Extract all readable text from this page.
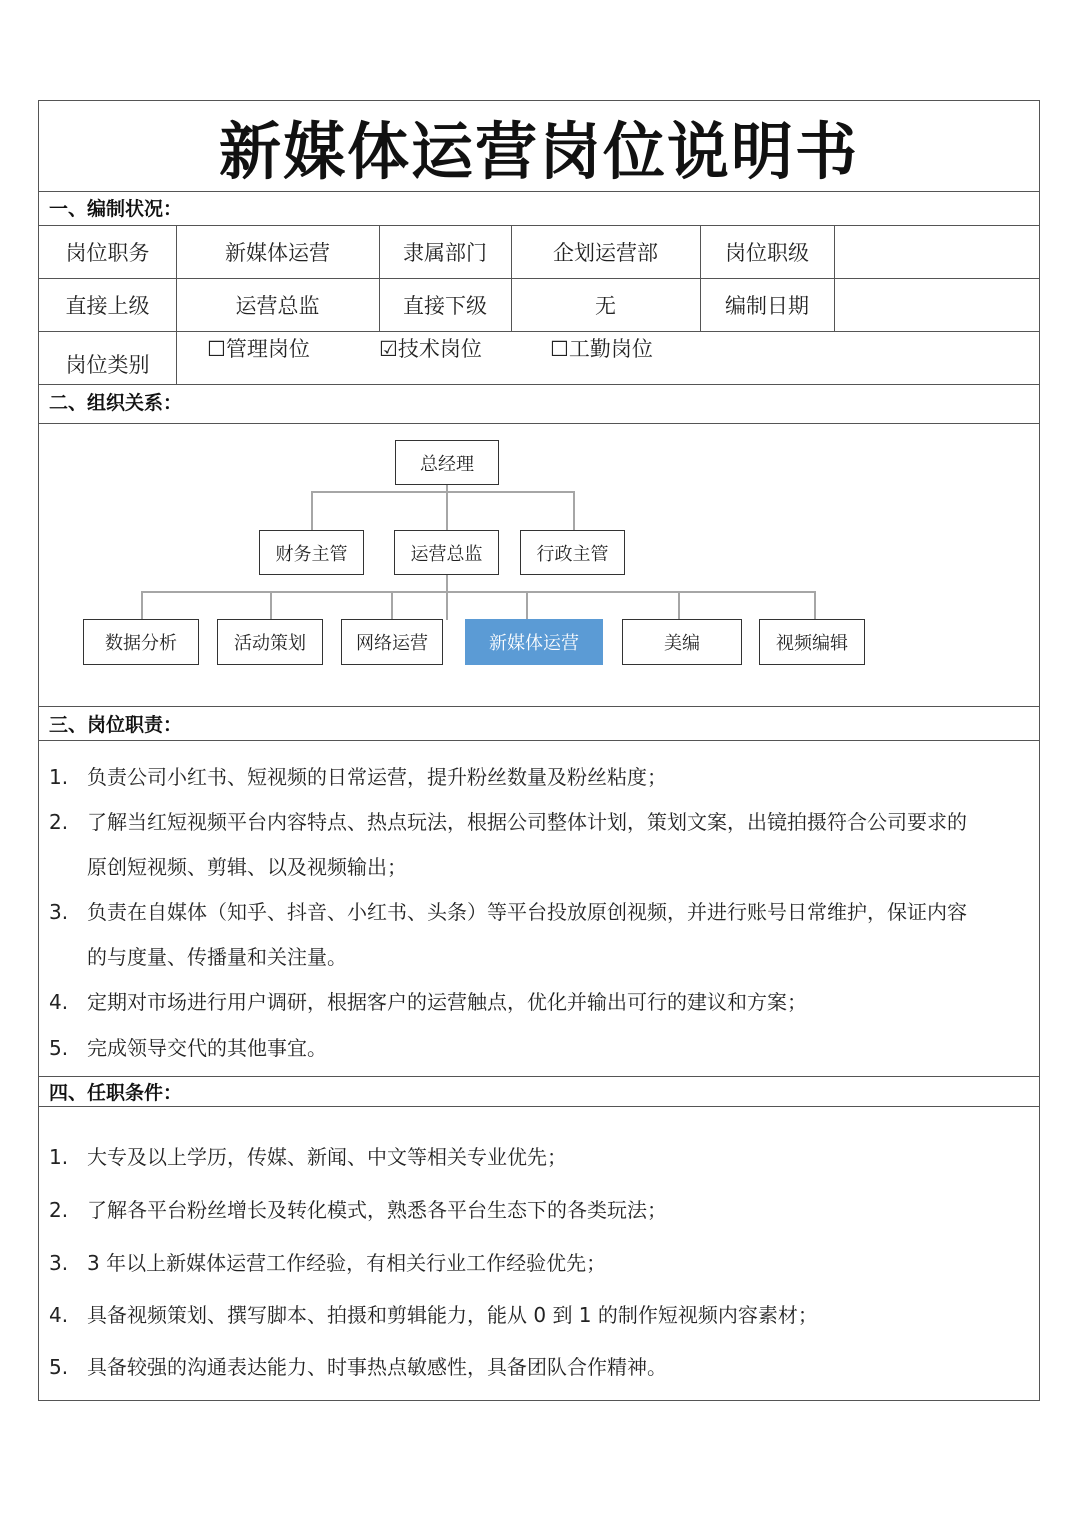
新媒体运营岗位说明书
一、编制状况：
岗位职务	新媒体运营	隶属部门	企划运营部	岗位职级
直接上级	运营总监	直接下级	无	编制日期
岗位类别
☐管理岗位	☑技术岗位	☐工勤岗位
二、组织关系：
总经理
财务主管	运营总监	行政主管
数据分析	活动策划	网络运营	新媒体运营	美编	视频编辑
三、岗位职责：
1. 负责公司小红书、短视频的日常运营，提升粉丝数量及粉丝粘度；
2. 了解当红短视频平台内容特点、热点玩法，根据公司整体计划，策划文案，出镜拍摄符合公司要求的
原创短视频、剪辑、以及视频输出；
3. 负责在自媒体（知乎、抖音、小红书、头条）等平台投放原创视频，并进行账号日常维护，保证内容
的与度量、传播量和关注量。
4. 定期对市场进行用户调研，根据客户的运营触点，优化并输出可行的建议和方案；
5. 完成领导交代的其他事宜。
四、任职条件：
1. 大专及以上学历，传媒、新闻、中文等相关专业优先；
2. 了解各平台粉丝增长及转化模式，熟悉各平台生态下的各类玩法；
3. 3 年以上新媒体运营工作经验，有相关行业工作经验优先；
4. 具备视频策划、撰写脚本、拍摄和剪辑能力，能从 0 到 1 的制作短视频内容素材；
5. 具备较强的沟通表达能力、时事热点敏感性，具备团队合作精神。
